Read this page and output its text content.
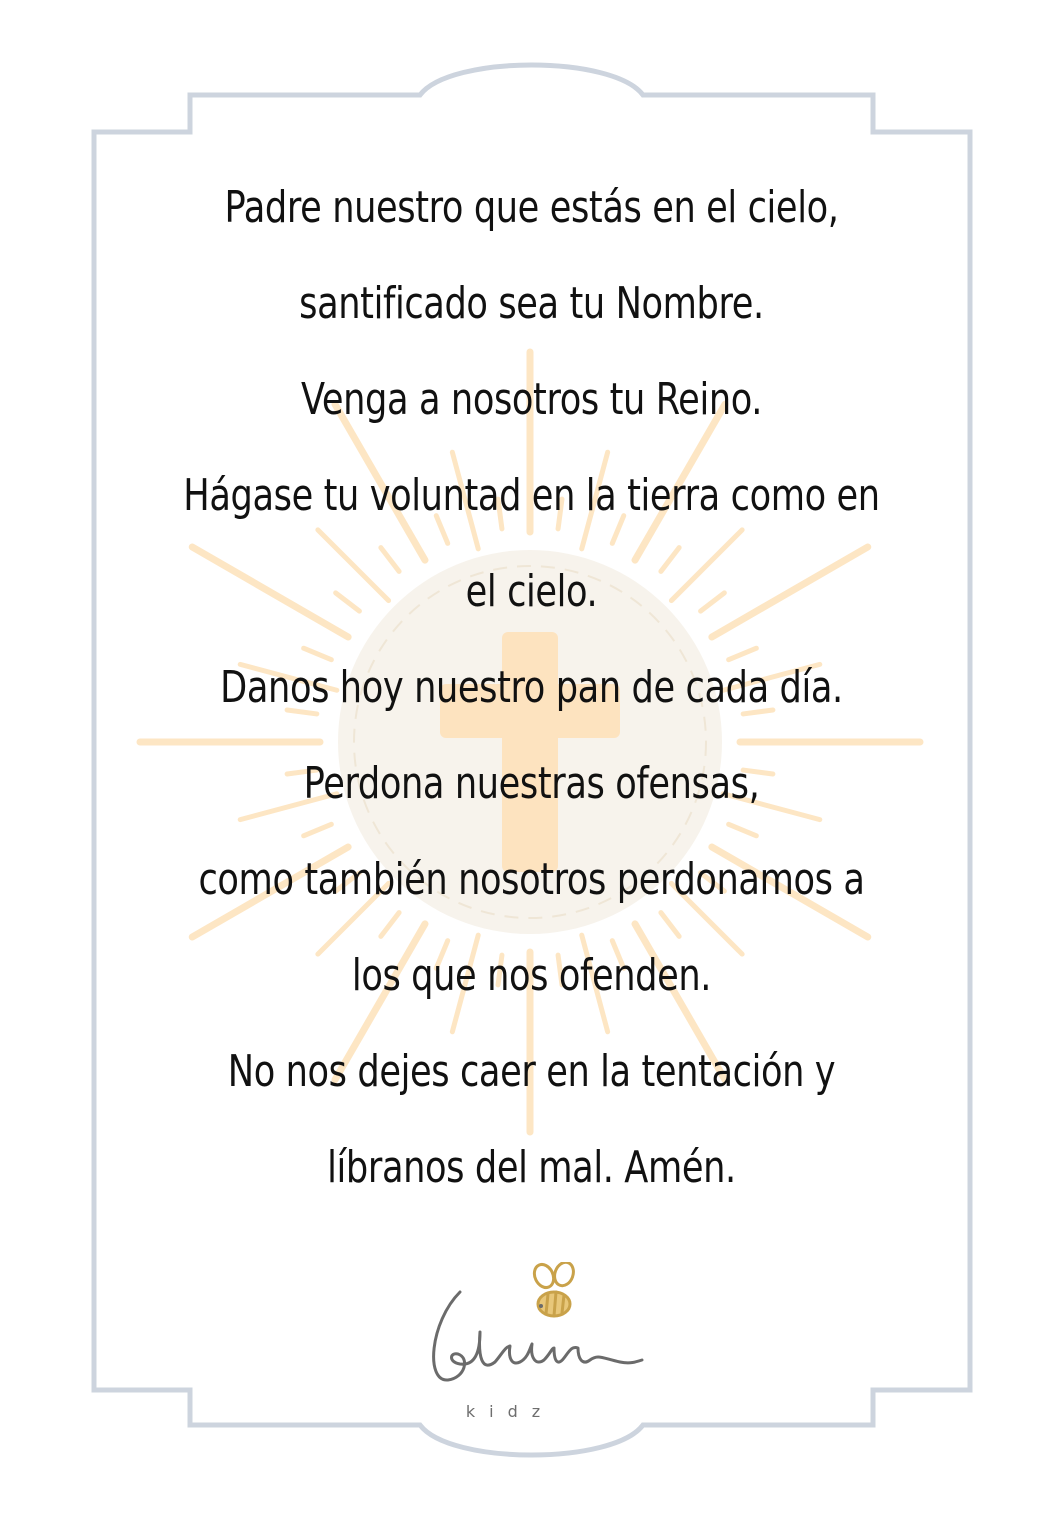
Padre nuestro que estás en el cielo,
santificado sea tu Nombre.
Venga a nosotros tu Reino.
Hágase tu voluntad en la tierra como en
el cielo.
Danos hoy nuestro pan de cada día.
Perdona nuestras ofensas,
como también nosotros perdonamos a
los que nos ofenden.
No nos dejes caer en la tentación y
líbranos del mal. Amén.
kidz
